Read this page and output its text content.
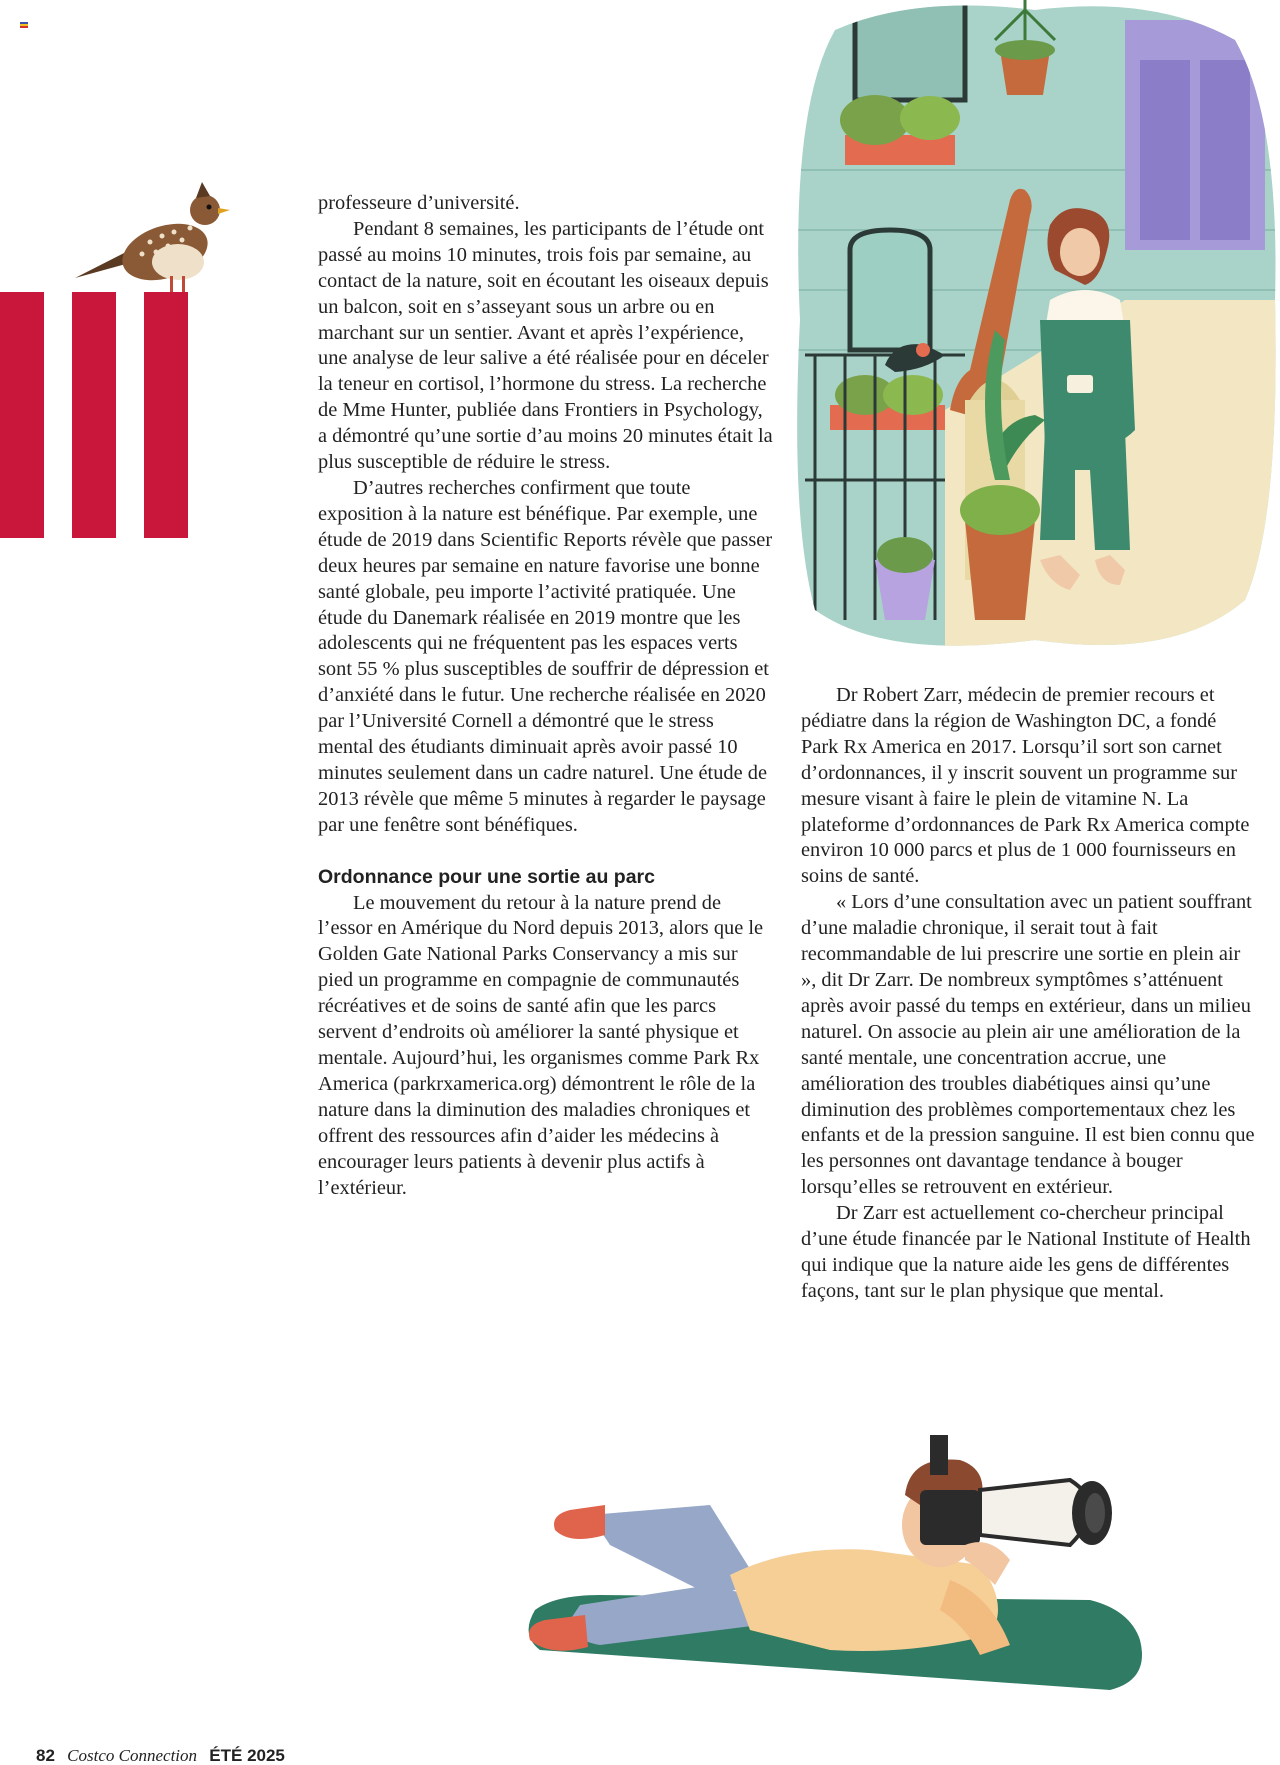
professeure d’université.

Pendant 8 semaines, les participants de l’étude ont passé au moins 10 minutes, trois fois par semaine, au contact de la nature, soit en écoutant les oiseaux depuis un balcon, soit en s’asseyant sous un arbre ou en marchant sur un sentier. Avant et après l’expérience, une analyse de leur salive a été réalisée pour en déceler la teneur en cortisol, l’hormone du stress. La recherche de Mme Hunter, publiée dans Frontiers in Psychology, a démontré qu’une sortie d’au moins 20 minutes était la plus susceptible de réduire le stress.

D’autres recherches confirment que toute exposition à la nature est bénéfique. Par exemple, une étude de 2019 dans Scientific Reports révèle que passer deux heures par semaine en nature favorise une bonne santé globale, peu importe l’activité pratiquée. Une étude du Danemark réalisée en 2019 montre que les adolescents qui ne fréquentent pas les espaces verts sont 55 % plus susceptibles de souffrir de dépression et d’anxiété dans le futur. Une recherche réalisée en 2020 par l’Université Cornell a démontré que le stress mental des étudiants diminuait après avoir passé 10 minutes seulement dans un cadre naturel. Une étude de 2013 révèle que même 5 minutes à regarder le paysage par une fenêtre sont bénéfiques.

Ordonnance pour une sortie au parc

Le mouvement du retour à la nature prend de l’essor en Amérique du Nord depuis 2013, alors que le Golden Gate National Parks Conservancy a mis sur pied un programme en compagnie de communautés récréatives et de soins de santé afin que les parcs servent d’endroits où améliorer la santé physique et mentale. Aujourd’hui, les organismes comme Park Rx America (parkrxamerica.org) démontrent le rôle de la nature dans la diminution des maladies chroniques et offrent des ressources afin d’aider les médecins à encourager leurs patients à devenir plus actifs à l’extérieur.

Dr Robert Zarr, médecin de premier recours et pédiatre dans la région de Washington DC, a fondé Park Rx America en 2017. Lorsqu’il sort son carnet d’ordonnances, il y inscrit souvent un programme sur mesure visant à faire le plein de vitamine N. La plateforme d’ordonnances de Park Rx America compte environ 10 000 parcs et plus de 1 000 fournisseurs en soins de santé.

« Lors d’une consultation avec un patient souffrant d’une maladie chronique, il serait tout à fait recommandable de lui prescrire une sortie en plein air », dit Dr Zarr. De nombreux symptômes s’atténuent après avoir passé du temps en extérieur, dans un milieu naturel. On associe au plein air une amélioration de la santé mentale, une concentration accrue, une amélioration des troubles diabétiques ainsi qu’une diminution des problèmes comportementaux chez les enfants et de la pression sanguine. Il est bien connu que les personnes ont davantage tendance à bouger lorsqu’elles se retrouvent en extérieur.

Dr Zarr est actuellement co-chercheur principal d’une étude financée par le National Institute of Health qui indique que la nature aide les gens de différentes façons, tant sur le plan physique que mental.

82 Costco Connection ÉTÉ 2025
